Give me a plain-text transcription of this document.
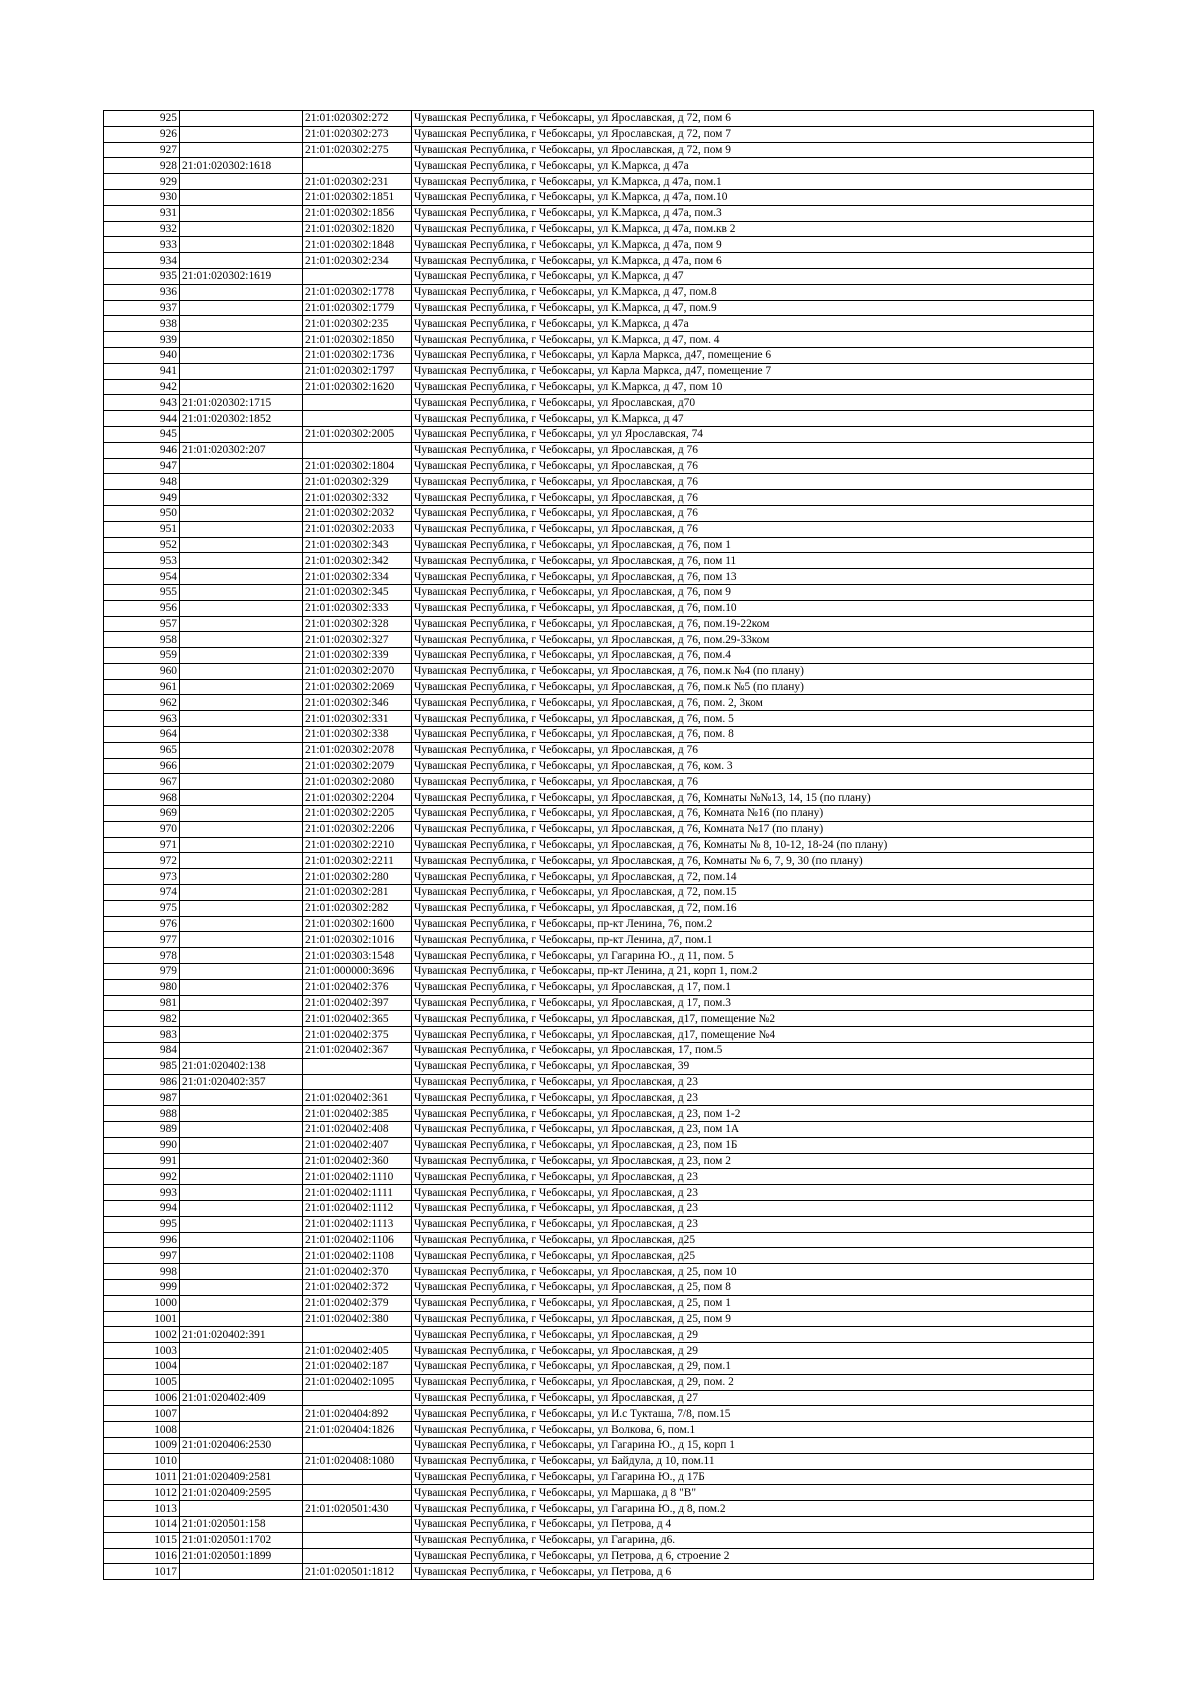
925		21:01:020302:272	Чувашская Республика, г Чебоксары, ул Ярославская, д 72, пом 6
926		21:01:020302:273	Чувашская Республика, г Чебоксары, ул Ярославская, д 72, пом 7
927		21:01:020302:275	Чувашская Республика, г Чебоксары, ул Ярославская, д 72, пом 9
928	21:01:020302:1618		Чувашская Республика, г Чебоксары, ул К.Маркса, д 47а
929		21:01:020302:231	Чувашская Республика, г Чебоксары, ул К.Маркса, д 47а, пом.1
930		21:01:020302:1851	Чувашская Республика, г Чебоксары, ул К.Маркса, д 47а, пом.10
931		21:01:020302:1856	Чувашская Республика, г Чебоксары, ул К.Маркса, д 47а, пом.3
932		21:01:020302:1820	Чувашская Республика, г Чебоксары, ул К.Маркса, д 47а, пом.кв 2
933		21:01:020302:1848	Чувашская Республика, г Чебоксары, ул К.Маркса, д 47а, пом 9
934		21:01:020302:234	Чувашская Республика, г Чебоксары, ул К.Маркса, д 47а, пом 6
935	21:01:020302:1619		Чувашская Республика, г Чебоксары, ул К.Маркса, д 47
936		21:01:020302:1778	Чувашская Республика, г Чебоксары, ул К.Маркса, д 47, пом.8
937		21:01:020302:1779	Чувашская Республика, г Чебоксары, ул К.Маркса, д 47, пом.9
938		21:01:020302:235	Чувашская Республика, г Чебоксары, ул К.Маркса, д 47а
939		21:01:020302:1850	Чувашская Республика, г Чебоксары, ул К.Маркса, д 47, пом. 4
940		21:01:020302:1736	Чувашская Республика, г Чебоксары, ул Карла Маркса, д47, помещение 6
941		21:01:020302:1797	Чувашская Республика, г Чебоксары, ул Карла Маркса, д47, помещение 7
942		21:01:020302:1620	Чувашская Республика, г Чебоксары, ул К.Маркса, д 47, пом 10
943	21:01:020302:1715		Чувашская Республика, г Чебоксары, ул Ярославская, д70
944	21:01:020302:1852		Чувашская Республика, г Чебоксары, ул К.Маркса, д 47
945		21:01:020302:2005	Чувашская Республика, г Чебоксары, ул ул Ярославская, 74
946	21:01:020302:207		Чувашская Республика, г Чебоксары, ул Ярославская, д 76
947		21:01:020302:1804	Чувашская Республика, г Чебоксары, ул Ярославская, д 76
948		21:01:020302:329	Чувашская Республика, г Чебоксары, ул Ярославская, д 76
949		21:01:020302:332	Чувашская Республика, г Чебоксары, ул Ярославская, д 76
950		21:01:020302:2032	Чувашская Республика, г Чебоксары, ул Ярославская, д 76
951		21:01:020302:2033	Чувашская Республика, г Чебоксары, ул Ярославская, д 76
952		21:01:020302:343	Чувашская Республика, г Чебоксары, ул Ярославская, д 76, пом 1
953		21:01:020302:342	Чувашская Республика, г Чебоксары, ул Ярославская, д 76, пом 11
954		21:01:020302:334	Чувашская Республика, г Чебоксары, ул Ярославская, д 76, пом 13
955		21:01:020302:345	Чувашская Республика, г Чебоксары, ул Ярославская, д 76, пом 9
956		21:01:020302:333	Чувашская Республика, г Чебоксары, ул Ярославская, д 76, пом.10
957		21:01:020302:328	Чувашская Республика, г Чебоксары, ул Ярославская, д 76, пом.19-22ком
958		21:01:020302:327	Чувашская Республика, г Чебоксары, ул Ярославская, д 76, пом.29-33ком
959		21:01:020302:339	Чувашская Республика, г Чебоксары, ул Ярославская, д 76, пом.4
960		21:01:020302:2070	Чувашская Республика, г Чебоксары, ул Ярославская, д 76, пом.к №4 (по плану)
961		21:01:020302:2069	Чувашская Республика, г Чебоксары, ул Ярославская, д 76, пом.к №5 (по плану)
962		21:01:020302:346	Чувашская Республика, г Чебоксары, ул Ярославская, д 76, пом. 2, 3ком
963		21:01:020302:331	Чувашская Республика, г Чебоксары, ул Ярославская, д 76, пом. 5
964		21:01:020302:338	Чувашская Республика, г Чебоксары, ул Ярославская, д 76, пом. 8
965		21:01:020302:2078	Чувашская Республика, г Чебоксары, ул Ярославская, д 76
966		21:01:020302:2079	Чувашская Республика, г Чебоксары, ул Ярославская, д 76, ком. 3
967		21:01:020302:2080	Чувашская Республика, г Чебоксары, ул Ярославская, д 76
968		21:01:020302:2204	Чувашская Республика, г Чебоксары, ул Ярославская, д 76, Комнаты №№13, 14, 15 (по плану)
969		21:01:020302:2205	Чувашская Республика, г Чебоксары, ул Ярославская, д 76, Комната №16 (по плану)
970		21:01:020302:2206	Чувашская Республика, г Чебоксары, ул Ярославская, д 76, Комната №17 (по плану)
971		21:01:020302:2210	Чувашская Республика, г Чебоксары, ул Ярославская, д 76, Комнаты № 8, 10-12, 18-24 (по плану)
972		21:01:020302:2211	Чувашская Республика, г Чебоксары, ул Ярославская, д 76, Комнаты № 6, 7, 9, 30 (по плану)
973		21:01:020302:280	Чувашская Республика, г Чебоксары, ул Ярославская, д 72, пом.14
974		21:01:020302:281	Чувашская Республика, г Чебоксары, ул Ярославская, д 72, пом.15
975		21:01:020302:282	Чувашская Республика, г Чебоксары, ул Ярославская, д 72, пом.16
976		21:01:020302:1600	Чувашская Республика, г Чебоксары, пр-кт Ленина, 76, пом.2
977		21:01:020302:1016	Чувашская Республика, г Чебоксары, пр-кт Ленина, д7, пом.1
978		21:01:020303:1548	Чувашская Республика, г Чебоксары, ул Гагарина Ю., д 11, пом. 5
979		21:01:000000:3696	Чувашская Республика, г Чебоксары, пр-кт Ленина, д 21, корп 1, пом.2
980		21:01:020402:376	Чувашская Республика, г Чебоксары, ул Ярославская, д 17, пом.1
981		21:01:020402:397	Чувашская Республика, г Чебоксары, ул Ярославская, д 17, пом.3
982		21:01:020402:365	Чувашская Республика, г Чебоксары, ул Ярославская, д17, помещение №2
983		21:01:020402:375	Чувашская Республика, г Чебоксары, ул Ярославская, д17, помещение №4
984		21:01:020402:367	Чувашская Республика, г Чебоксары, ул Ярославская, 17, пом.5
985	21:01:020402:138		Чувашская Республика, г Чебоксары, ул Ярославская, 39
986	21:01:020402:357		Чувашская Республика, г Чебоксары, ул Ярославская, д 23
987		21:01:020402:361	Чувашская Республика, г Чебоксары, ул Ярославская, д 23
988		21:01:020402:385	Чувашская Республика, г Чебоксары, ул Ярославская, д 23, пом 1-2
989		21:01:020402:408	Чувашская Республика, г Чебоксары, ул Ярославская, д 23, пом 1А
990		21:01:020402:407	Чувашская Республика, г Чебоксары, ул Ярославская, д 23, пом 1Б
991		21:01:020402:360	Чувашская Республика, г Чебоксары, ул Ярославская, д 23, пом 2
992		21:01:020402:1110	Чувашская Республика, г Чебоксары, ул Ярославская, д 23
993		21:01:020402:1111	Чувашская Республика, г Чебоксары, ул Ярославская, д 23
994		21:01:020402:1112	Чувашская Республика, г Чебоксары, ул Ярославская, д 23
995		21:01:020402:1113	Чувашская Республика, г Чебоксары, ул Ярославская, д 23
996		21:01:020402:1106	Чувашская Республика, г Чебоксары, ул Ярославская, д25
997		21:01:020402:1108	Чувашская Республика, г Чебоксары, ул Ярославская, д25
998		21:01:020402:370	Чувашская Республика, г Чебоксары, ул Ярославская, д 25, пом 10
999		21:01:020402:372	Чувашская Республика, г Чебоксары, ул Ярославская, д 25, пом 8
1000		21:01:020402:379	Чувашская Республика, г Чебоксары, ул Ярославская, д 25, пом 1
1001		21:01:020402:380	Чувашская Республика, г Чебоксары, ул Ярославская, д 25, пом 9
1002	21:01:020402:391		Чувашская Республика, г Чебоксары, ул Ярославская, д 29
1003		21:01:020402:405	Чувашская Республика, г Чебоксары, ул Ярославская, д 29
1004		21:01:020402:187	Чувашская Республика, г Чебоксары, ул Ярославская, д 29, пом.1
1005		21:01:020402:1095	Чувашская Республика, г Чебоксары, ул Ярославская, д 29, пом. 2
1006	21:01:020402:409		Чувашская Республика, г Чебоксары, ул Ярославская, д 27
1007		21:01:020404:892	Чувашская Республика, г Чебоксары, ул И.с Тукташа, 7/8, пом.15
1008		21:01:020404:1826	Чувашская Республика, г Чебоксары, ул Волкова, 6, пом.1
1009	21:01:020406:2530		Чувашская Республика, г Чебоксары, ул Гагарина Ю., д 15, корп 1
1010		21:01:020408:1080	Чувашская Республика, г Чебоксары, ул Байдула, д 10, пом.11
1011	21:01:020409:2581		Чувашская Республика, г Чебоксары, ул Гагарина Ю., д 17Б
1012	21:01:020409:2595		Чувашская Республика, г Чебоксары, ул Маршака, д 8 "В"
1013		21:01:020501:430	Чувашская Республика, г Чебоксары, ул Гагарина Ю., д 8, пом.2
1014	21:01:020501:158		Чувашская Республика, г Чебоксары, ул Петрова, д 4
1015	21:01:020501:1702		Чувашская Республика, г Чебоксары, ул Гагарина, д6.
1016	21:01:020501:1899		Чувашская Республика, г Чебоксары, ул Петрова, д 6, строение 2
1017		21:01:020501:1812	Чувашская Республика, г Чебоксары, ул Петрова, д 6
